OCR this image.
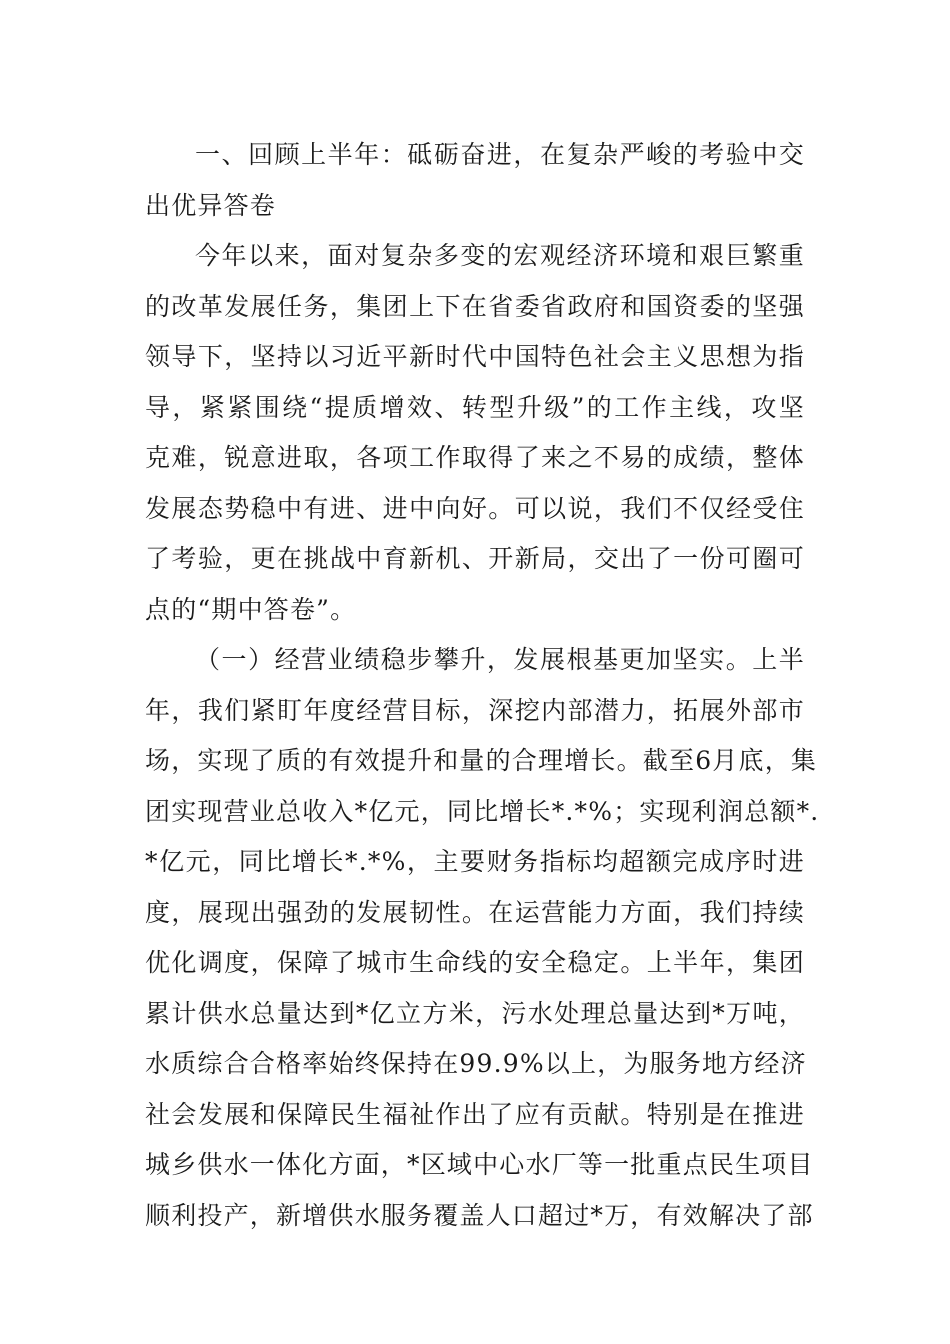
一、回顾上半年：砥砺奋进，在复杂严峻的考验中交
出优异答卷
今年以来，面对复杂多变的宏观经济环境和艰巨繁重
的改革发展任务，集团上下在省委省政府和国资委的坚强
领导下，坚持以习近平新时代中国特色社会主义思想为指
导，紧紧围绕“提质增效、转型升级”的工作主线，攻坚
克难，锐意进取，各项工作取得了来之不易的成绩，整体
发展态势稳中有进、进中向好。可以说，我们不仅经受住
了考验，更在挑战中育新机、开新局，交出了一份可圈可
点的“期中答卷”。
（一）经营业绩稳步攀升，发展根基更加坚实。上半
年，我们紧盯年度经营目标，深挖内部潜力，拓展外部市
场，实现了质的有效提升和量的合理增长。截至6月底，集
团实现营业总收入*亿元，同比增长*.*%；实现利润总额*.
*亿元，同比增长*.*%，主要财务指标均超额完成序时进
度，展现出强劲的发展韧性。在运营能力方面，我们持续
优化调度，保障了城市生命线的安全稳定。上半年，集团
累计供水总量达到*亿立方米，污水处理总量达到*万吨，
水质综合合格率始终保持在99.9%以上，为服务地方经济
社会发展和保障民生福祉作出了应有贡献。特别是在推进
城乡供水一体化方面，*区域中心水厂等一批重点民生项目
顺利投产，新增供水服务覆盖人口超过*万，有效解决了部
